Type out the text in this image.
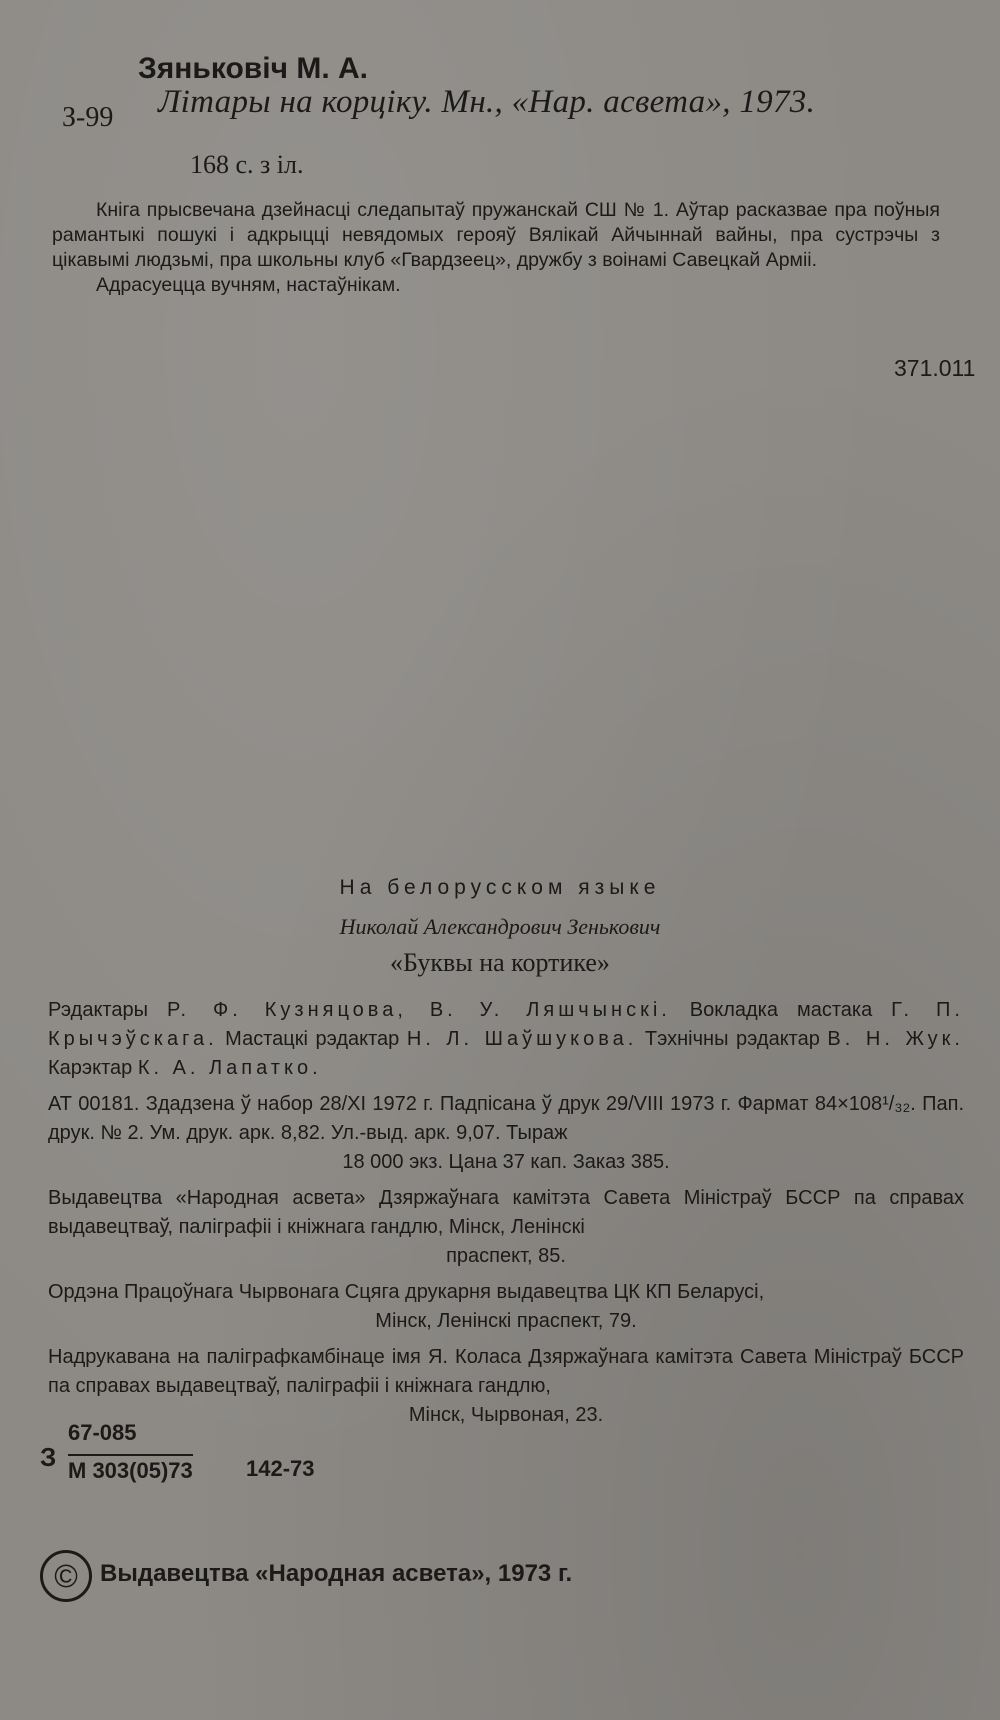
Зяньковіч М. А.
З-99 Літары на корціку. Мн., «Нар. асвета», 1973.
168 с. з іл.

Кніга прысвечана дзейнасці следапытаў пружанскай СШ № 1. Аўтар расказвае пра поўныя рамантыкі пошукі і адкрыцці невядомых герояў Вялікай Айчыннай вайны, пра сустрэчы з цікавымі людзьмі, пра школьны клуб «Гвардзеец», дружбу з воінамі Савецкай Арміі.

Адрасуецца вучням, настаўнікам.

371.011
На белорусском языке
Николай Александрович Зенькович
«Буквы на кортике»

Рэдактары Р. Ф. Кузняцова, В. У. Ляшчынскі. Вокладка мастака Г. П. Крычэўскага. Мастацкі рэдактар Н. Л. Шаўшукова. Тэхнічны рэдактар В. Н. Жук. Карэктар К. А. Лапатко.

АТ 00181. Здадзена ў набор 28/XI 1972 г. Падпісана ў друк 29/VIII 1973 г. Фармат 84×108¹/₃₂. Пап. друк. № 2. Ум. друк. арк. 8,82. Ул.-выд. арк. 9,07. Тыраж
18 000 экз. Цана 37 кап. Заказ 385.

Выдавецтва «Народная асвета» Дзяржаўнага камітэта Савета Міністраў БССР па справах выдавецтваў, паліграфіі і кніжнага гандлю, Мінск, Ленінскі
праспект, 85.

Ордэна Працоўнага Чырвонага Сцяга друкарня выдавецтва ЦК КП Беларусі,
Мінск, Ленінскі праспект, 79.

Надрукавана на паліграфкамбінаце імя Я. Коласа Дзяржаўнага камітэта Савета Міністраў БССР па справах выдавецтваў, паліграфіі і кніжнага гандлю,
Мінск, Чырвоная, 23.

З
67-085
М 303(05)73 142-73
© Выдавецтва «Народная асвета», 1973 г.
